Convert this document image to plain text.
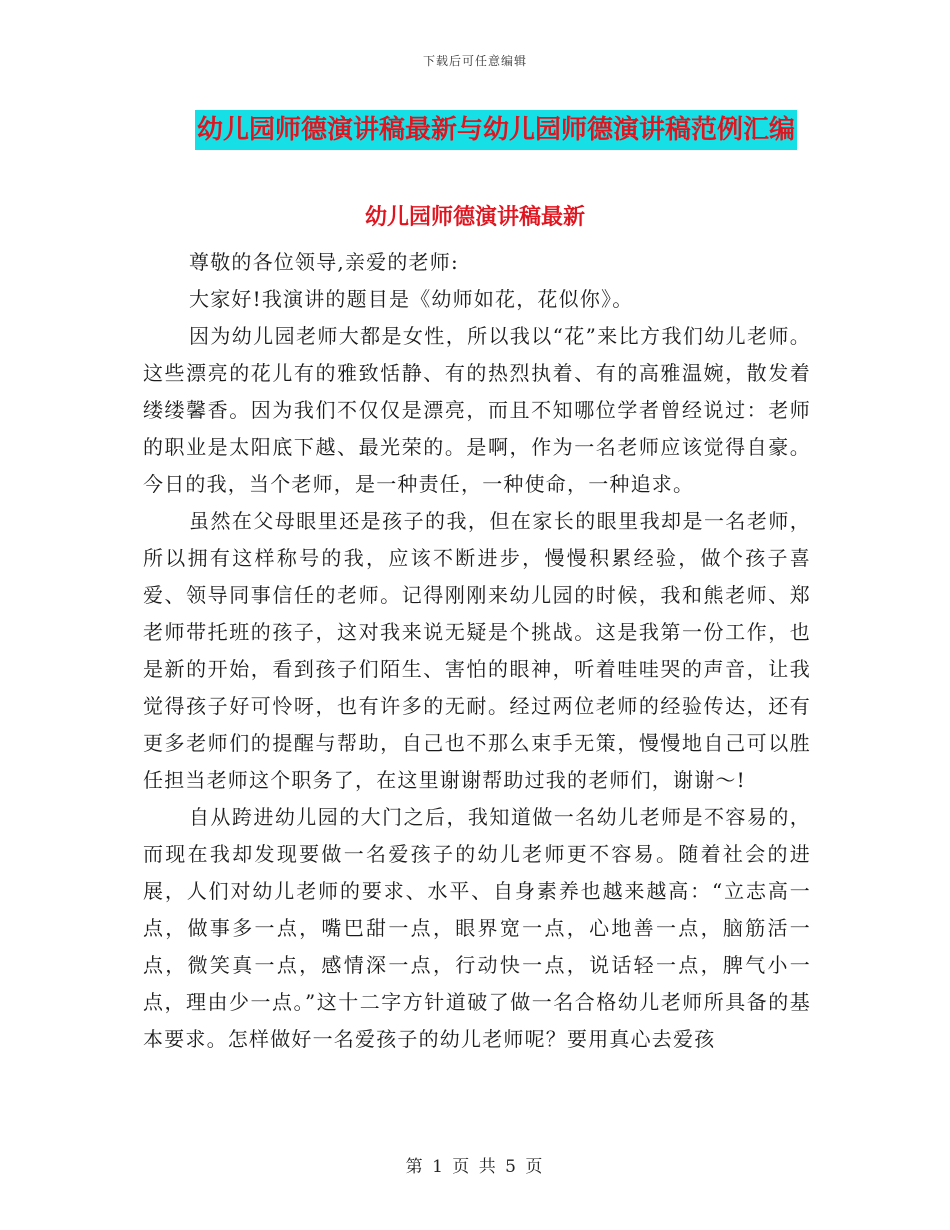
下载后可任意编辑
幼儿园师德演讲稿最新与幼儿园师德演讲稿范例汇编
幼儿园师德演讲稿最新

尊敬的各位领导,亲爱的老师:

大家好!我演讲的题目是《幼师如花，花似你》。

因为幼儿园老师大都是女性，所以我以“花”来比方我们幼儿老师。这些漂亮的花儿有的雅致恬静、有的热烈执着、有的高雅温婉，散发着缕缕馨香。因为我们不仅仅是漂亮，而且不知哪位学者曾经说过：老师的职业是太阳底下越、最光荣的。是啊，作为一名老师应该觉得自豪。今日的我，当个老师，是一种责任，一种使命，一种追求。

虽然在父母眼里还是孩子的我，但在家长的眼里我却是一名老师，所以拥有这样称号的我，应该不断进步，慢慢积累经验，做个孩子喜爱、领导同事信任的老师。记得刚刚来幼儿园的时候，我和熊老师、郑老师带托班的孩子，这对我来说无疑是个挑战。这是我第一份工作，也是新的开始，看到孩子们陌生、害怕的眼神，听着哇哇哭的声音，让我觉得孩子好可怜呀，也有许多的无耐。经过两位老师的经验传达，还有更多老师们的提醒与帮助，自己也不那么束手无策，慢慢地自己可以胜任担当老师这个职务了，在这里谢谢帮助过我的老师们，谢谢～!

自从跨进幼儿园的大门之后，我知道做一名幼儿老师是不容易的，而现在我却发现要做一名爱孩子的幼儿老师更不容易。随着社会的进展，人们对幼儿老师的要求、水平、自身素养也越来越高：“立志高一点，做事多一点，嘴巴甜一点，眼界宽一点，心地善一点，脑筋活一点，微笑真一点，感情深一点，行动快一点，说话轻一点，脾气小一点，理由少一点。”这十二字方针道破了做一名合格幼儿老师所具备的基本要求。怎样做好一名爱孩子的幼儿老师呢？要用真心去爱孩

第 1 页 共 5 页
